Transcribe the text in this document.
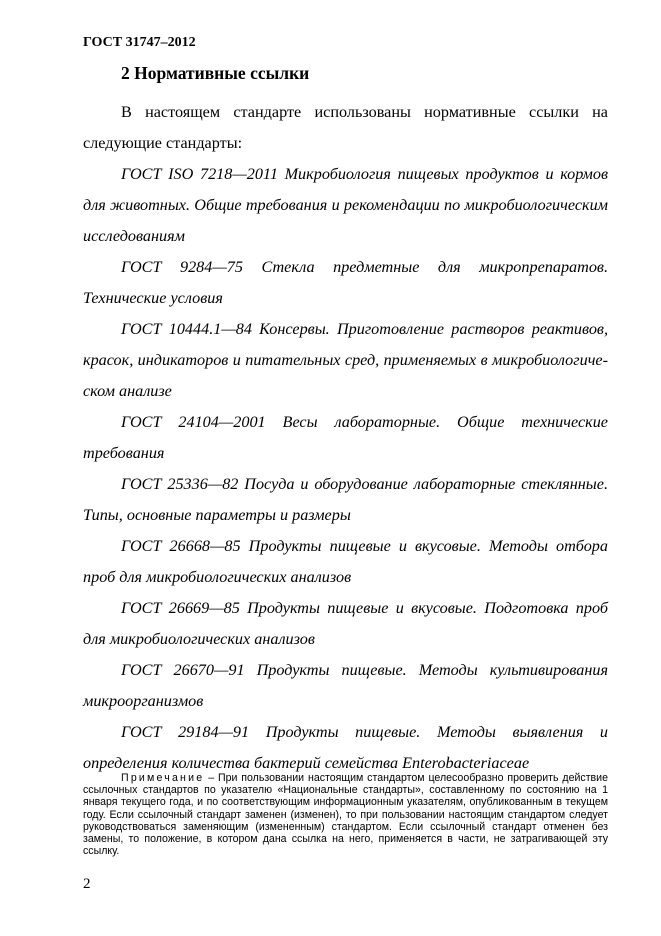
ГОСТ 31747–2012
2 Нормативные ссылки

В настоящем стандарте использованы нормативные ссылки на следующие стандарты:

ГОСТ ISO 7218—2011 Микробиология пищевых продуктов и кормов для животных. Общие требования и рекомендации по микробиологическим исследованиям

ГОСТ 9284—75 Стекла предметные для микропрепаратов. Технические условия

ГОСТ 10444.1—84 Консервы. Приготовление растворов реактивов, красок, индикаторов и питательных сред, применяемых в микробиологическом анализе

ГОСТ 24104—2001 Весы лабораторные. Общие технические требования

ГОСТ 25336—82 Посуда и оборудование лабораторные стеклянные. Типы, основные параметры и размеры

ГОСТ 26668—85 Продукты пищевые и вкусовые. Методы отбора проб для микробиологических анализов

ГОСТ 26669—85 Продукты пищевые и вкусовые. Подготовка проб для микробиологических анализов

ГОСТ 26670—91 Продукты пищевые. Методы культивирования микроорганизмов

ГОСТ 29184—91 Продукты пищевые. Методы выявления и определения количества бактерий семейства Enterobacteriaceae

Примечание – При пользовании настоящим стандартом целесообразно проверить действие ссылочных стандартов по указателю «Национальные стандарты», составленному по состоянию на 1 января текущего года, и по соответствующим информационным указателям, опубликованным в текущем году. Если ссылочный стандарт заменен (изменен), то при пользовании настоящим стандартом следует руководствоваться заменяющим (измененным) стандартом. Если ссылочный стандарт отменен без замены, то положение, в котором дана ссылка на него, применяется в части, не затрагивающей эту ссылку.
2
